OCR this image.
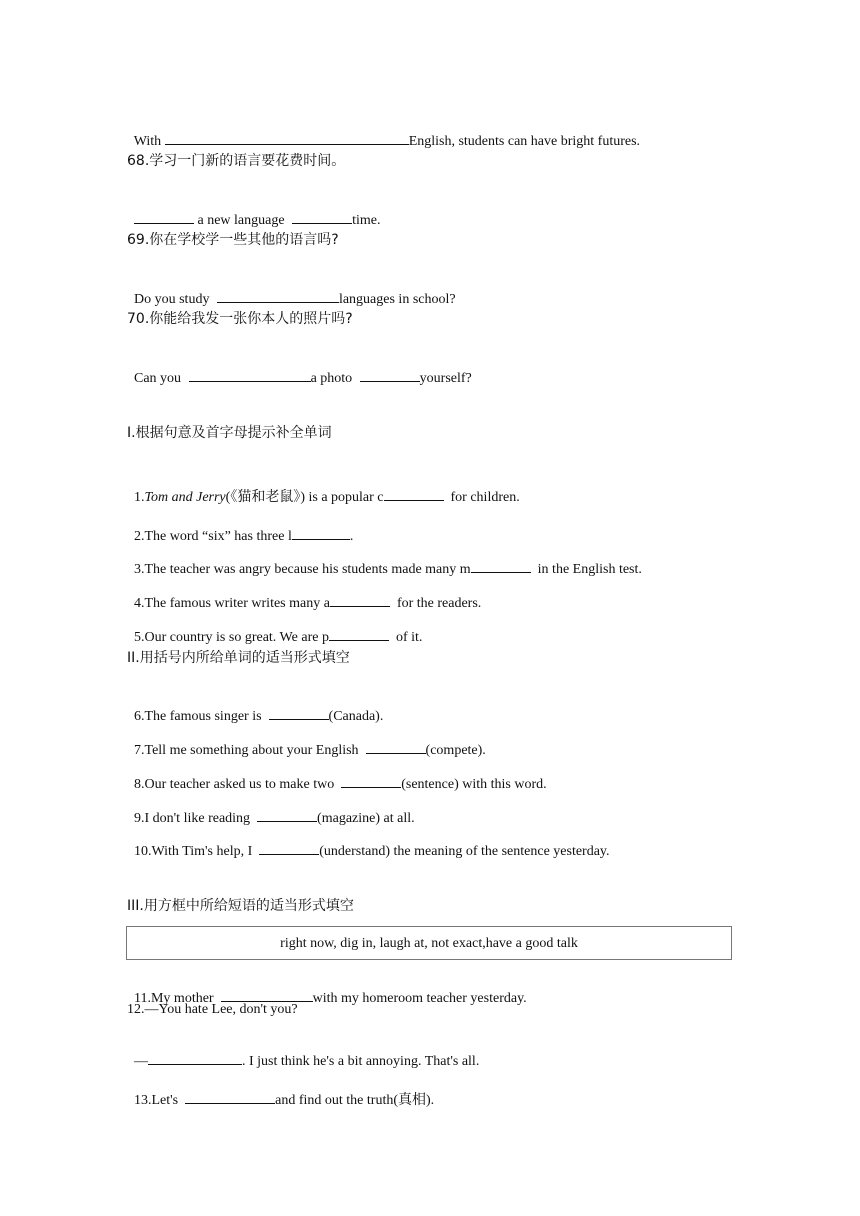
With	English, students can have bright futures.

68.学习一门新的语言要花费时间。

a new language	time.

69.你在学校学一些其他的语言吗?

Do you study	languages in school?

70.你能给我发一张你本人的照片吗?

Can you	a photo	yourself?

Ⅰ.根据句意及首字母提示补全单词

1.Tom and Jerry(《猫和老鼠》) is a popular c	for children.

2.The word “six” has three l	.

3.The teacher was angry because his students made many m	in the English test.

4.The famous writer writes many a	for the readers.

5.Our country is so great. We are p	of it.

II.用括号内所给单词的适当形式填空

6.The famous singer is	(Canada).

7.Tell me something about your English	(compete).

8.Our teacher asked us to make two	(sentence) with this word.

9.I don't like reading	(magazine) at all.

10.With Tim's help, I	(understand) the meaning of the sentence yesterday.

III.用方框中所给短语的适当形式填空
right now, dig in, laugh at, not exact,have a good talk

11.My mother	with my homeroom teacher yesterday.

12.—You hate Lee, don't you?

—	. I just think he's a bit annoying. That's all.

13.Let's	and find out the truth(真相).
